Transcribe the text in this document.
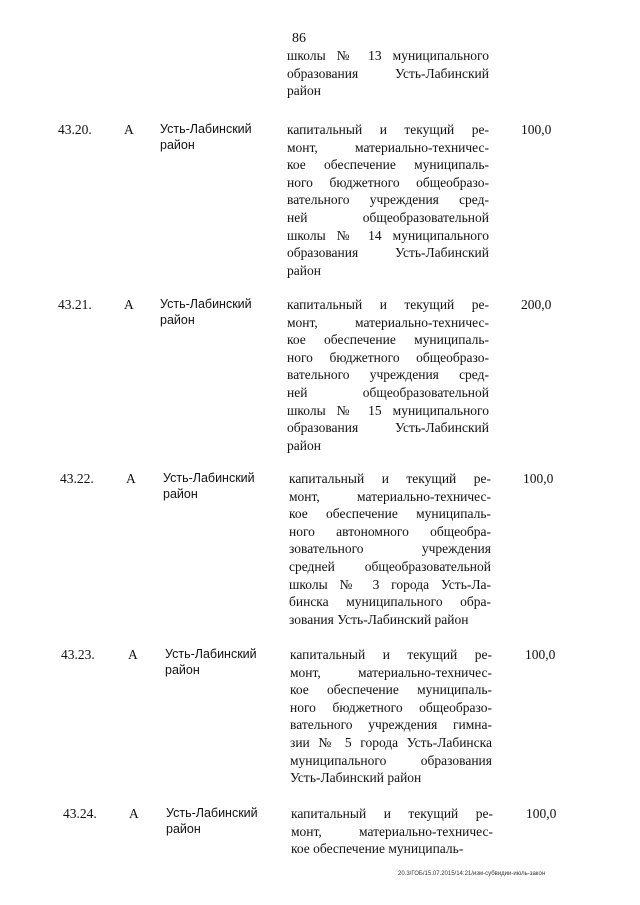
86
школы № 13 муниципального
образования Усть-Лабинский
район
43.20. А Усть-Лабинский
район
капитальный и текущий ре-
монт, материально-техничес-
кое обеспечение муниципаль-
ного бюджетного общеобразо-
вательного учреждения сред-
ней общеобразовательной
школы № 14 муниципального
образования Усть-Лабинский
район
100,0
43.21. А Усть-Лабинский
район
капитальный и текущий ре-
монт, материально-техничес-
кое обеспечение муниципаль-
ного бюджетного общеобразо-
вательного учреждения сред-
ней общеобразовательной
школы № 15 муниципального
образования Усть-Лабинский
район
200,0
43.22. А Усть-Лабинский
район
капитальный и текущий ре-
монт, материально-техничес-
кое обеспечение муниципаль-
ного автономного общеобра-
зовательного учреждения
средней общеобразовательной
школы № 3 города Усть-Ла-
бинска муниципального обра-
зования Усть-Лабинский район
100,0
43.23. А Усть-Лабинский
район
капитальный и текущий ре-
монт, материально-техничес-
кое обеспечение муниципаль-
ного бюджетного общеобразо-
вательного учреждения гимна-
зии № 5 города Усть-Лабинска
муниципального образования
Усть-Лабинский район
100,0
43.24. А Усть-Лабинский
район
капитальный и текущий ре-
монт, материально-техничес-
кое обеспечение муниципаль-
100,0
20.3/ГОБ/15.07.2015/14:21/изм-субвидии-июль-закон
